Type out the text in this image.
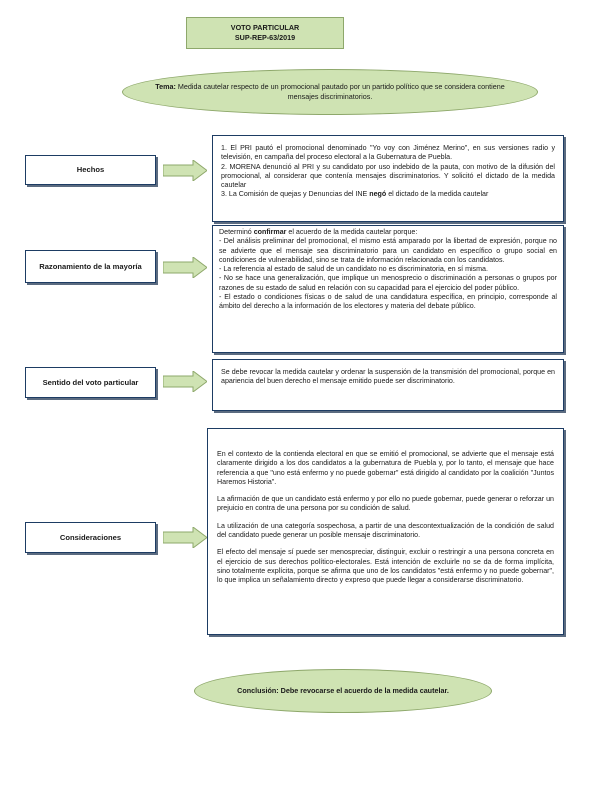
VOTO PARTICULAR
SUP-REP-63/2019
Tema: Medida cautelar respecto de un promocional pautado por un partido político que se considera contiene mensajes discriminatorios.
Hechos

1. El PRI pautó el promocional denominado "Yo voy con Jiménez Merino", en sus versiones radio y televisión, en campaña del proceso electoral a la Gubernatura de Puebla.

2. MORENA denunció al PRI y su candidato por uso indebido de la pauta, con motivo de la difusión del promocional, al considerar que contenía mensajes discriminatorios. Y solicitó el dictado de la medida cautelar

3. La Comisión de quejas y Denuncias del INE negó el dictado de la medida cautelar

Razonamiento de la mayoría

Determinó confirmar el acuerdo de la medida cautelar porque:

- Del análisis preliminar del promocional, el mismo está amparado por la libertad de expresión, porque no se advierte que el mensaje sea discriminatorio para un candidato en específico o grupo social en condiciones de vulnerabilidad, sino se trata de información relacionada con los candidatos.

- La referencia al estado de salud de un candidato no es discriminatoria, en sí misma.

- No se hace una generalización, que implique un menosprecio o discriminación a personas o grupos por razones de su estado de salud en relación con su capacidad para el ejercicio del poder público.

- El estado o condiciones físicas o de salud de una candidatura específica, en principio, corresponde al ámbito del derecho a la información de los electores y materia del debate público.

Sentido del voto particular

Se debe revocar la medida cautelar y ordenar la suspensión de la transmisión del promocional, porque en apariencia del buen derecho el mensaje emitido puede ser discriminatorio.

Consideraciones

En el contexto de la contienda electoral en que se emitió el promocional, se advierte que el mensaje está claramente dirigido a los dos candidatos a la gubernatura de Puebla y, por lo tanto, el mensaje que hace referencia a que "uno está enfermo y no puede gobernar" está dirigido al candidato por la coalición "Juntos Haremos Historia".

La afirmación de que un candidato está enfermo y por ello no puede gobernar, puede generar o reforzar un prejuicio en contra de una persona por su condición de salud.

La utilización de una categoría sospechosa, a partir de una descontextualización de la condición de salud del candidato puede generar un posible mensaje discriminatorio.

El efecto del mensaje sí puede ser menospreciar, distinguir, excluir o restringir a una persona concreta en el ejercicio de sus derechos político-electorales. Está intención de excluirle no se da de forma implícita, sino totalmente explícita, porque se afirma que uno de los candidatos "está enfermo y no puede gobernar", lo que implica un señalamiento directo y expreso que puede llegar a considerarse discriminatorio.

Conclusión: Debe revocarse el acuerdo de la medida cautelar.
